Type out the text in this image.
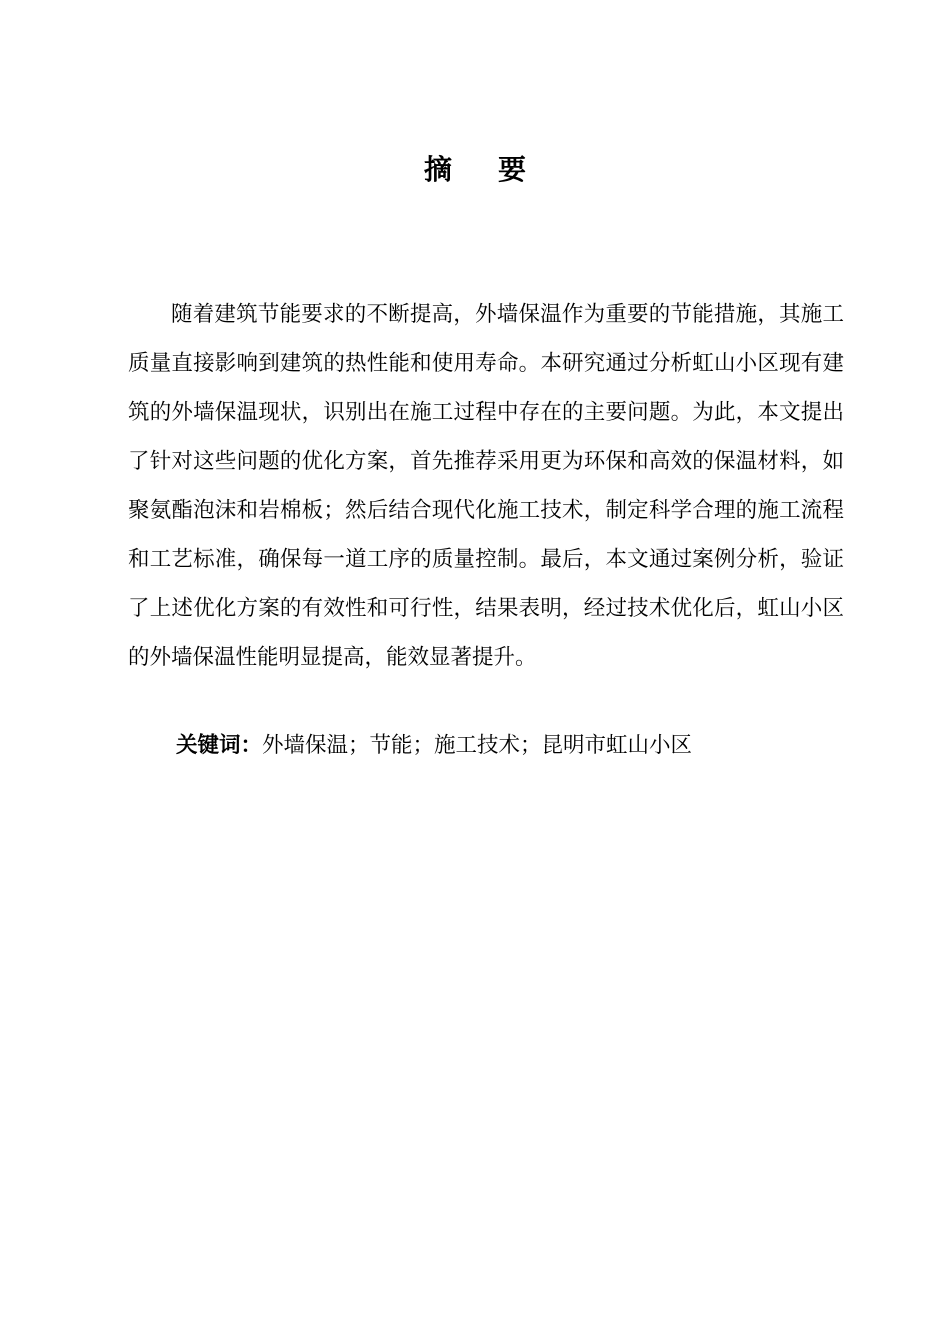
摘 要

随着建筑节能要求的不断提高，外墙保温作为重要的节能措施，其施工质量直接影响到建筑的热性能和使用寿命。本研究通过分析虹山小区现有建筑的外墙保温现状，识别出在施工过程中存在的主要问题。为此，本文提出了针对这些问题的优化方案，首先推荐采用更为环保和高效的保温材料，如聚氨酯泡沫和岩棉板；然后结合现代化施工技术，制定科学合理的施工流程和工艺标准，确保每一道工序的质量控制。最后，本文通过案例分析，验证了上述优化方案的有效性和可行性，结果表明，经过技术优化后，虹山小区的外墙保温性能明显提高，能效显著提升。

关键词：外墙保温；节能；施工技术；昆明市虹山小区
